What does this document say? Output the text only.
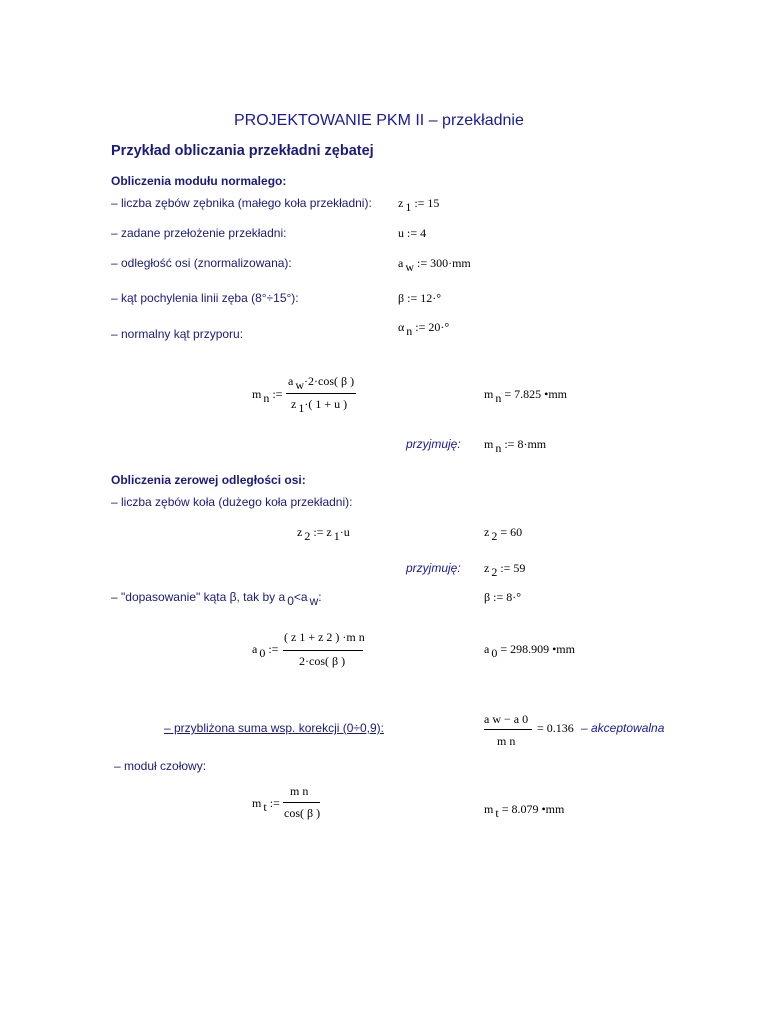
PROJEKTOWANIE PKM II – przekładnie
Przykład obliczania przekładni zębatej
Obliczenia modułu normalego:
– liczba zębów zębnika (małego koła przekładni): z 1 := 15
– zadane przełożenie przekładni:	u := 4
– odległość osi (znormalizowana):	a w := 300·mm
– kąt pochylenia linii zęba (8°÷15°):	β := 12·°
– normalny kąt przyporu:	α n := 20·°
m n :=
a w·2·cos( β )
z 1·( 1 + u )
m n = 7.825 •mm
przyjmuję: m n := 8·mm
Obliczenia zerowej odległości osi:
– liczba zębów koła (dużego koła przekładni):
z 2 := z 1·u	z 2 = 60
przyjmuję: z 2 := 59
– "dopasowanie" kąta β, tak by a 0<a w:	β := 8·°
a 0 :=
( z 1 + z 2 ) ·m n
2·cos( β )
a 0 = 298.909 •mm
– przybliżona suma wsp. korekcji (0÷0,9):
a w − a 0
m n
= 0.136 – akceptowalna
– moduł czołowy:
m t :=
m n
cos( β )	m t = 8.079 •mm
